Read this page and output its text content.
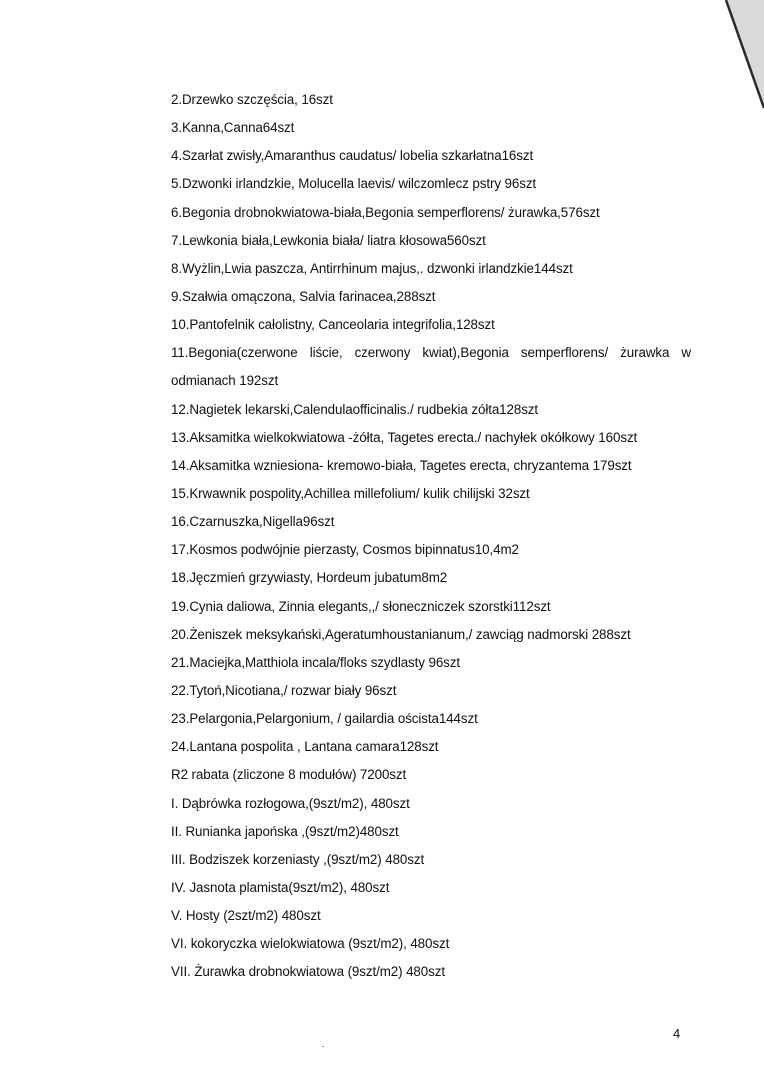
2.Drzewko szczęścia, 16szt
3.Kanna,Canna64szt
4.Szarłat zwisły,Amaranthus caudatus/ lobelia szkarłatna16szt
5.Dzwonki irlandzkie, Molucella laevis/ wilczomlecz pstry 96szt
6.Begonia drobnokwiatowa-biała,Begonia semperflorens/ żurawka,576szt
7.Lewkonia biała,Lewkonia biała/ liatra kłosowa560szt
8.Wyżlin,Lwia paszcza, Antirrhinum majus,. dzwonki irlandzkie144szt
9.Szałwia omączona, Salvia farinacea,288szt
10.Pantofelnik całolistny, Canceolaria integrifolia,128szt
11.Begonia(czerwone liście, czerwony kwiat),Begonia semperflorens/ żurawka w odmianach 192szt
12.Nagietek lekarski,Calendulaofficinalis./ rudbekia zółta128szt
13.Aksamitka wielkokwiatowa -żółta, Tagetes erecta./ nachyłek okółkowy 160szt
14.Aksamitka wzniesiona- kremowo-biała, Tagetes erecta, chryzantema 179szt
15.Krwawnik pospolity,Achillea millefolium/ kulik chilijski 32szt
16.Czarnuszka,Nigella96szt
17.Kosmos podwójnie pierzasty, Cosmos bipinnatus10,4m2
18.Jęczmień grzywiasty, Hordeum jubatum8m2
19.Cynia daliowa, Zinnia elegants,,/ słoneczniczek szorstki112szt
20.Żeniszek meksykański,Ageratumhoustanianum,/ zawciąg nadmorski 288szt
21.Maciejka,Matthiola incala/floks szydlasty 96szt
22.Tytoń,Nicotiana,/ rozwar biały 96szt
23.Pelargonia,Pelargonium, / gailardia oścista144szt
24.Lantana pospolita , Lantana camara128szt
R2 rabata (zliczone 8 modułów) 7200szt
I. Dąbrówka rozłogowa,(9szt/m2), 480szt
II. Runianka japońska ,(9szt/m2)480szt
III. Bodziszek korzeniasty ,(9szt/m2) 480szt
IV. Jasnota plamista(9szt/m2), 480szt
V. Hosty (2szt/m2) 480szt
VI. kokoryczka wielokwiatowa (9szt/m2), 480szt
VII. Żurawka drobnokwiatowa (9szt/m2) 480szt
4
